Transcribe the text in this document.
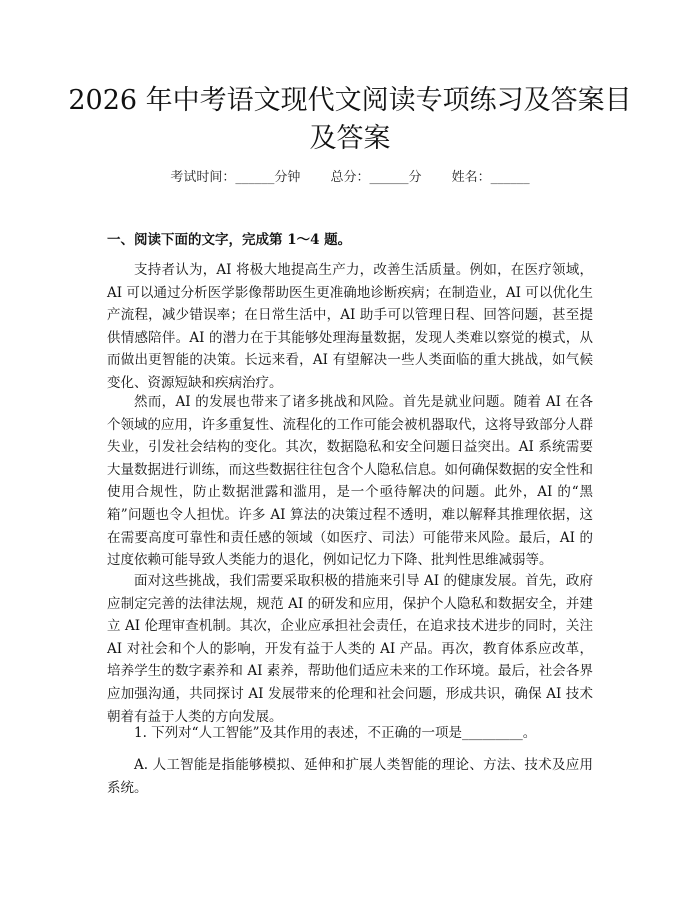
2026 年中考语文现代文阅读专项练习及答案目及答案
考试时间：______分钟 总分：______分 姓名：______
一、阅读下面的文字，完成第 1～4 题。

支持者认为，AI 将极大地提高生产力，改善生活质量。例如，在医疗领域，AI 可以通过分析医学影像帮助医生更准确地诊断疾病；在制造业，AI 可以优化生产流程，减少错误率；在日常生活中，AI 助手可以管理日程、回答问题，甚至提供情感陪伴。AI 的潜力在于其能够处理海量数据，发现人类难以察觉的模式，从而做出更智能的决策。长远来看，AI 有望解决一些人类面临的重大挑战，如气候变化、资源短缺和疾病治疗。

然而，AI 的发展也带来了诸多挑战和风险。首先是就业问题。随着 AI 在各个领域的应用，许多重复性、流程化的工作可能会被机器取代，这将导致部分人群失业，引发社会结构的变化。其次，数据隐私和安全问题日益突出。AI 系统需要大量数据进行训练，而这些数据往往包含个人隐私信息。如何确保数据的安全性和使用合规性，防止数据泄露和滥用，是一个亟待解决的问题。此外，AI 的“黑箱”问题也令人担忧。许多 AI 算法的决策过程不透明，难以解释其推理依据，这在需要高度可靠性和责任感的领域（如医疗、司法）可能带来风险。最后，AI 的过度依赖可能导致人类能力的退化，例如记忆力下降、批判性思维减弱等。

面对这些挑战，我们需要采取积极的措施来引导 AI 的健康发展。首先，政府应制定完善的法律法规，规范 AI 的研发和应用，保护个人隐私和数据安全，并建立 AI 伦理审查机制。其次，企业应承担社会责任，在追求技术进步的同时，关注 AI 对社会和个人的影响，开发有益于人类的 AI 产品。再次，教育体系应改革，培养学生的数字素养和 AI 素养，帮助他们适应未来的工作环境。最后，社会各界应加强沟通，共同探讨 AI 发展带来的伦理和社会问题，形成共识，确保 AI 技术朝着有益于人类的方向发展。

1. 下列对“人工智能”及其作用的表述，不正确的一项是_________。

A. 人工智能是指能够模拟、延伸和扩展人类智能的理论、方法、技术及应用系统。
